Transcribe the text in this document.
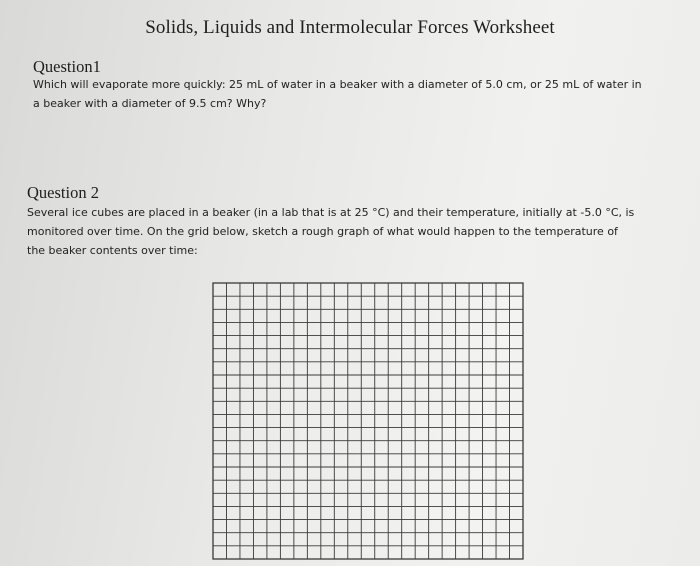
Solids, Liquids and Intermolecular Forces Worksheet
Question1
Which will evaporate more quickly: 25 mL of water in a beaker with a diameter of 5.0 cm, or 25 mL of water in
a beaker with a diameter of 9.5 cm? Why?
Question 2
Several ice cubes are placed in a beaker (in a lab that is at 25 °C) and their temperature, initially at -5.0 °C, is
monitored over time. On the grid below, sketch a rough graph of what would happen to the temperature of
the beaker contents over time:
